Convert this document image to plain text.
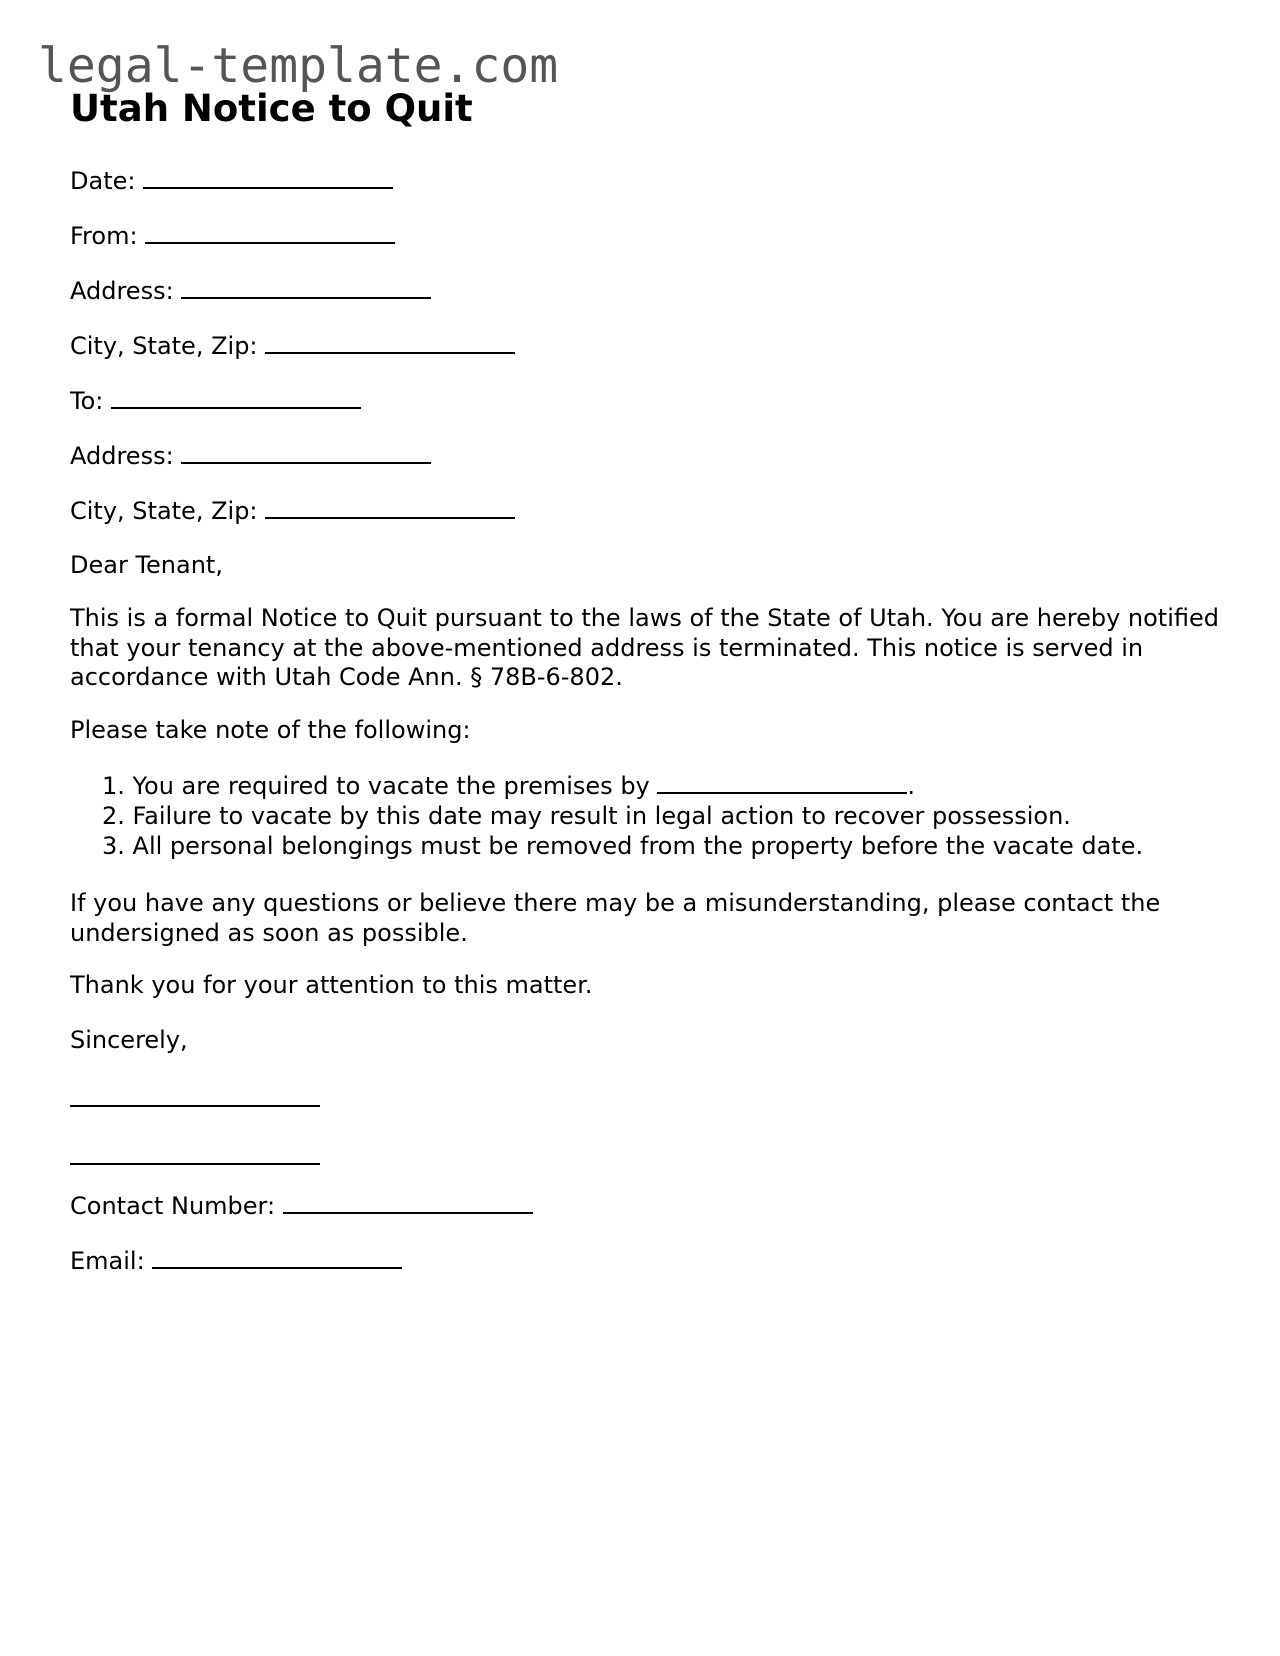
legal-template.com
Utah Notice to Quit
Date:
From:
Address:
City, State, Zip:
To:
Address:
City, State, Zip:
Dear Tenant,
This is a formal Notice to Quit pursuant to the laws of the State of Utah. You are hereby notified that your tenancy at the above-mentioned address is terminated. This notice is served in accordance with Utah Code Ann. § 78B-6-802.
Please take note of the following:
1. You are required to vacate the premises by	.
2. Failure to vacate by this date may result in legal action to recover possession.
3. All personal belongings must be removed from the property before the vacate date.
If you have any questions or believe there may be a misunderstanding, please contact the undersigned as soon as possible.
Thank you for your attention to this matter.
Sincerely,
Contact Number:
Email:
